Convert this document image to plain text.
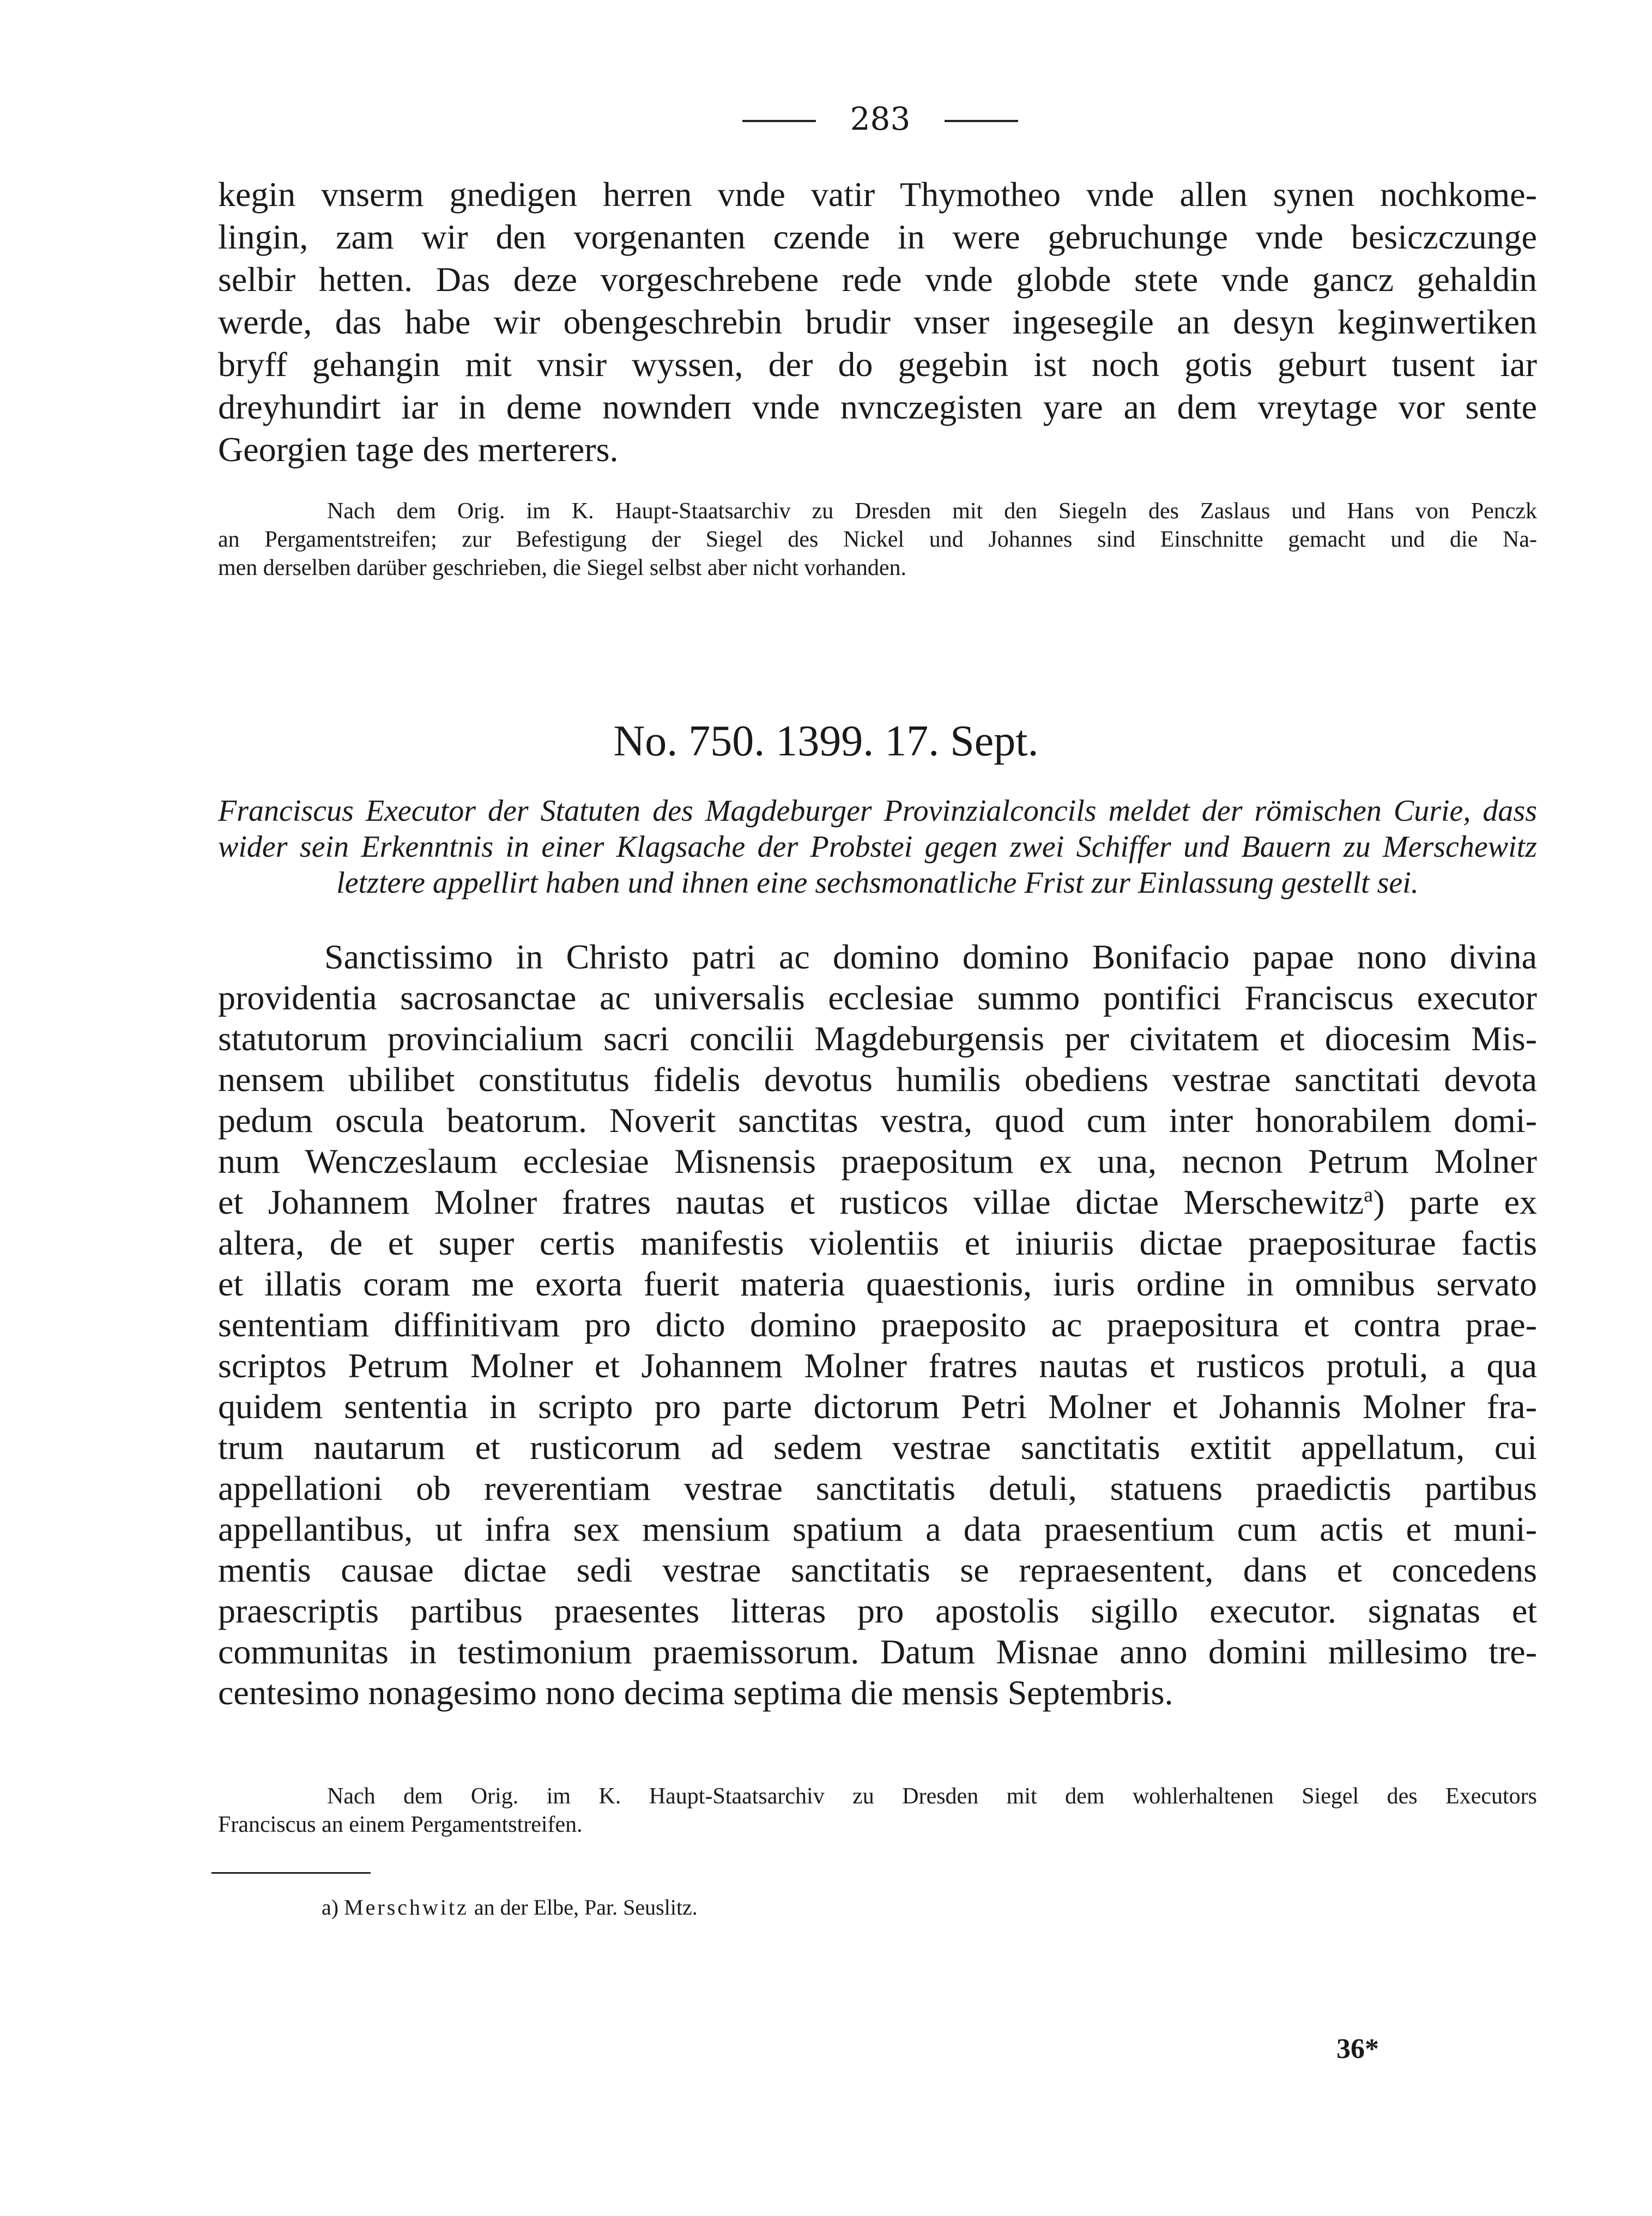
283
kegin vnserm gnedigen herren vnde vatir Thymotheo vnde allen synen nochkome-
lingin, zam wir den vorgenanten czende in were gebruchunge vnde besiczczunge
selbir hetten. Das deze vorgeschrebene rede vnde globde stete vnde gancz gehaldin
werde, das habe wir obengeschrebin brudir vnser ingesegile an desyn keginwertiken
bryff gehangin mit vnsir wyssen, der do gegebin ist noch gotis geburt tusent iar
dreyhundirt iar in deme nowndeп vnde nvnczegisten yare an dem vreytage vor sente
Georgien tage des merterers.
Nach dem Orig. im K. Haupt-Staatsarchiv zu Dresden mit den Siegeln des Zaslaus und Hans von Penczk
an Pergamentstreifen; zur Befestigung der Siegel des Nickel und Johannes sind Einschnitte gemacht und die Na-
men derselben darüber geschrieben, die Siegel selbst aber nicht vorhanden.
No. 750. 1399. 17. Sept.
Franciscus Executor der Statuten des Magdeburger Provinzialconcils meldet der römischen Curie, dass
wider sein Erkenntnis in einer Klagsache der Probstei gegen zwei Schiffer und Bauern zu Merschewitz
letztere appellirt haben und ihnen eine sechsmonatliche Frist zur Einlassung gestellt sei.
Sanctissimo in Christo patri ac domino domino Bonifacio papae nono divina
providentia sacrosanctae ac universalis ecclesiae summo pontifici Franciscus executor
statutorum provincialium sacri concilii Magdeburgensis per civitatem et diocesim Mis-
nensem ubilibet constitutus fidelis devotus humilis obediens vestrae sanctitati devota
pedum oscula beatorum. Noverit sanctitas vestra, quod cum inter honorabilem domi-
num Wenczeslaum ecclesiae Misnensis praepositum ex una, necnon Petrum Molner
et Johannem Molner fratres nautas et rusticos villae dictae Merschewitz$^a$) parte ex
altera, de et super certis manifestis violentiis et iniuriis dictae praepositurae factis
et illatis coram me exorta fuerit materia quaestionis, iuris ordine in omnibus servato
sententiam diffinitivam pro dicto domino praeposito ac praepositura et contra prae-
scriptos Petrum Molner et Johannem Molner fratres nautas et rusticos protuli, a qua
quidem sententia in scripto pro parte dictorum Petri Molner et Johannis Molner fra-
trum nautarum et rusticorum ad sedem vestrae sanctitatis extitit appellatum, cui
appellationi ob reverentiam vestrae sanctitatis detuli, statuens praedictis partibus
appellantibus, ut infra sex mensium spatium a data praesentium cum actis et muni-
mentis causae dictae sedi vestrae sanctitatis se repraesentent, dans et concedens
praescriptis partibus praesentes litteras pro apostolis sigillo executor. signatas et
communitas in testimonium praemissorum. Datum Misnae anno domini millesimo tre-
centesimo nonagesimo nono decima septima die mensis Septembris.
Nach dem Orig. im K. Haupt-Staatsarchiv zu Dresden mit dem wohlerhaltenen Siegel des Executors
Franciscus an einem Pergamentstreifen.
a) Merschwitz an der Elbe, Par. Seuslitz.
36*
